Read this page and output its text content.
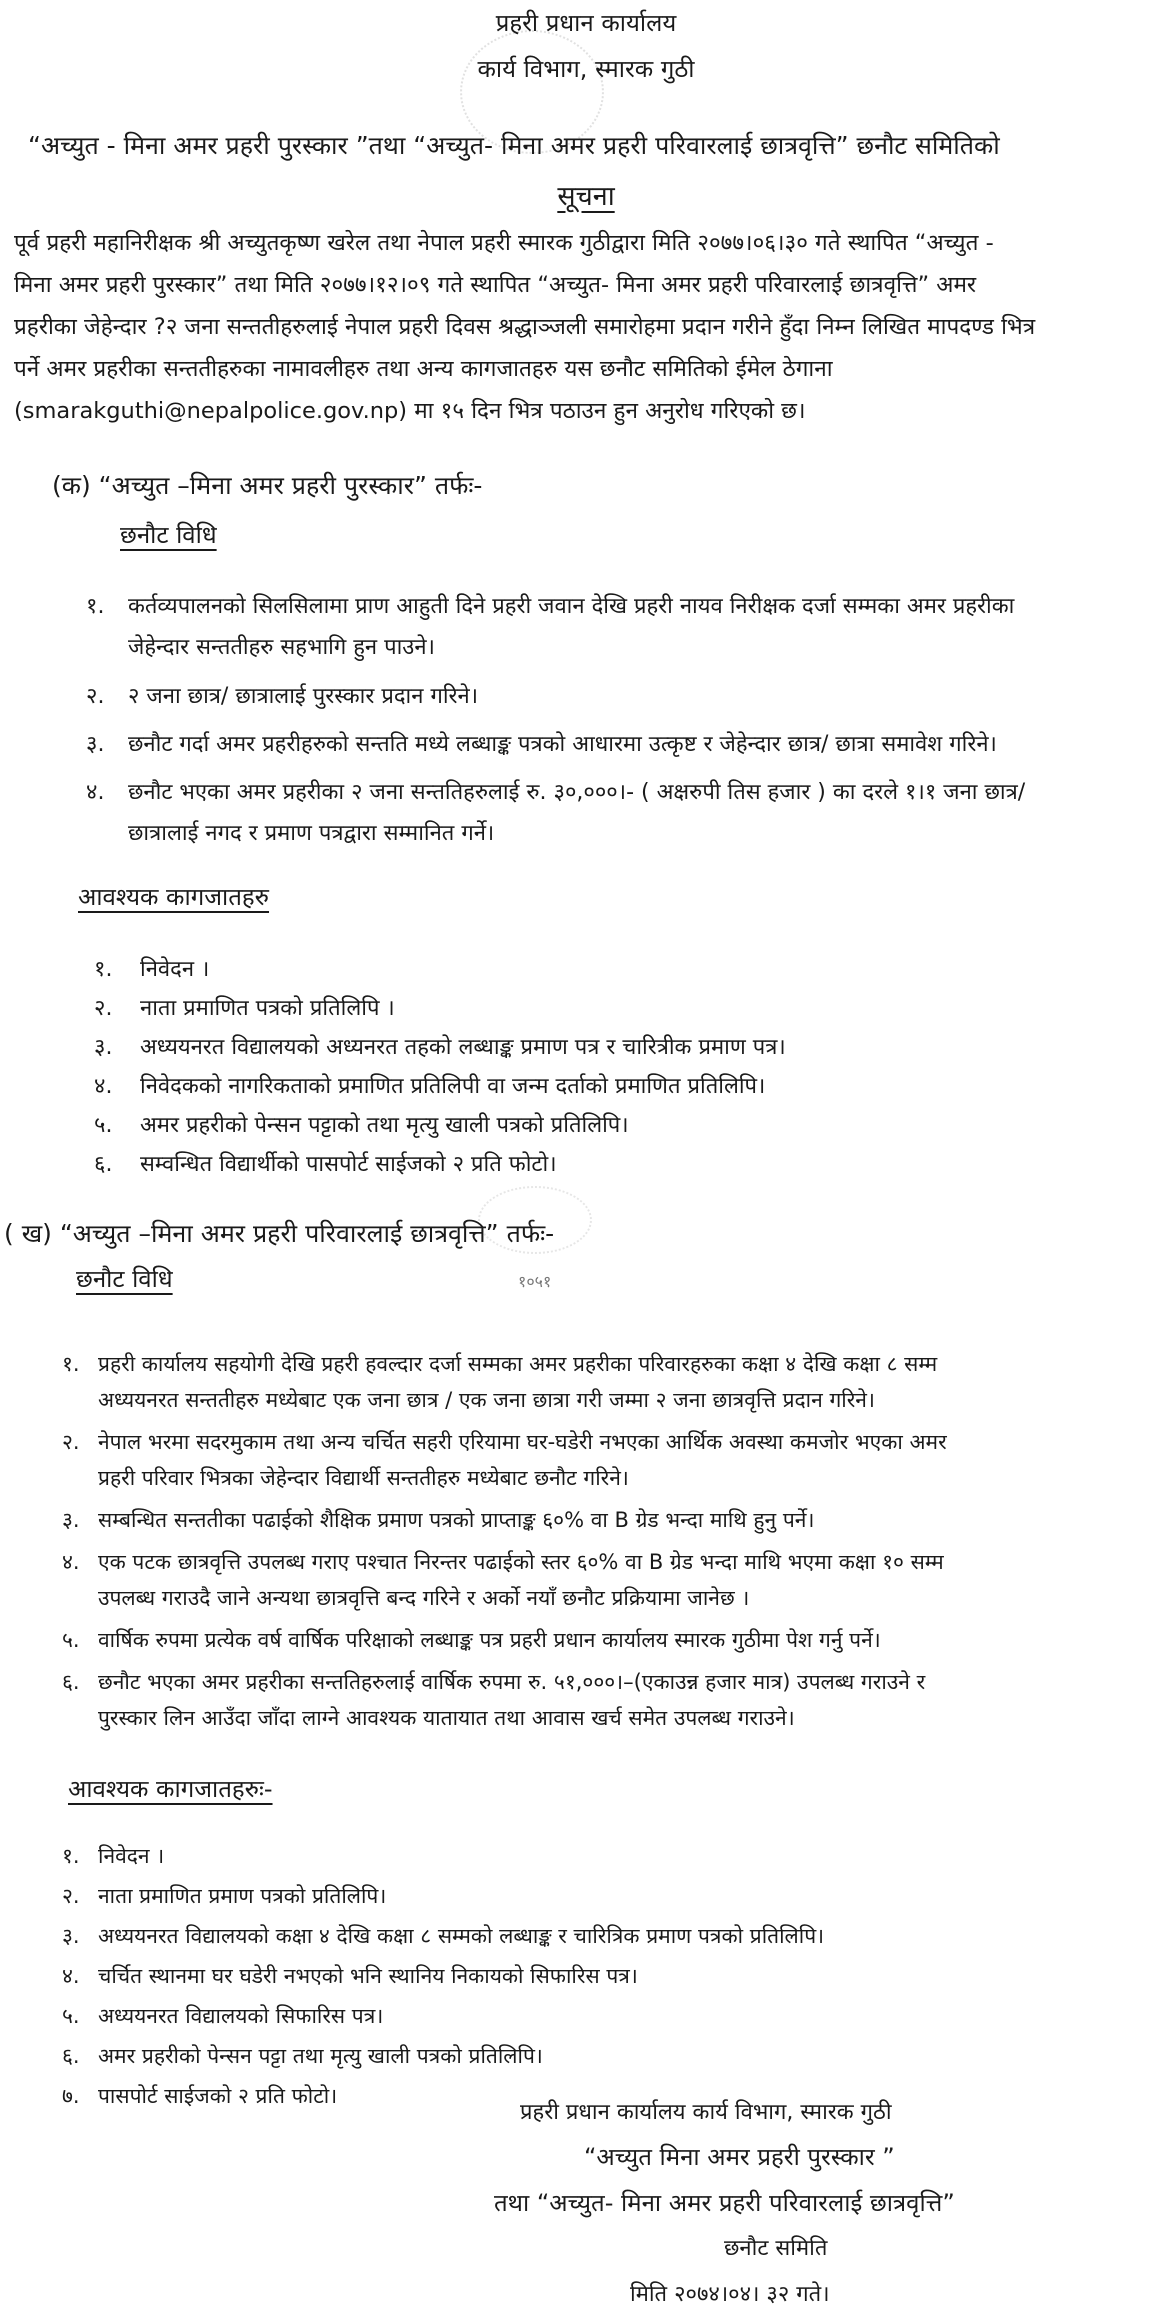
प्रहरी प्रधान कार्यालय
कार्य विभाग, स्मारक गुठी
“अच्युत - मिना अमर प्रहरी पुरस्कार ”तथा “अच्युत- मिना अमर प्रहरी परिवारलाई छात्रवृत्ति” छनौट समितिको
सूचना
पूर्व प्रहरी महानिरीक्षक श्री अच्युतकृष्ण खरेल तथा नेपाल प्रहरी स्मारक गुठीद्वारा मिति २०७७।०६।३० गते स्थापित “अच्युत -
मिना अमर प्रहरी पुरस्कार” तथा मिति २०७७।१२।०९ गते स्थापित “अच्युत- मिना अमर प्रहरी परिवारलाई छात्रवृत्ति” अमर
प्रहरीका जेहेन्दार ?२ जना सन्ततीहरुलाई नेपाल प्रहरी दिवस श्रद्धाञ्जली समारोहमा प्रदान गरीने हुँदा निम्न लिखित मापदण्ड भित्र
पर्ने अमर प्रहरीका सन्ततीहरुका नामावलीहरु तथा अन्य कागजातहरु यस छनौट समितिको ईमेल ठेगाना
(smarakguthi@nepalpolice.gov.np) मा १५ दिन भित्र पठाउन हुन अनुरोध गरिएको छ।
(क) “अच्युत –मिना अमर प्रहरी पुरस्कार” तर्फः-
छनौट विधि
१.	कर्तव्यपालनको सिलसिलामा प्राण आहुती दिने प्रहरी जवान देखि प्रहरी नायव निरीक्षक दर्जा सम्मका अमर प्रहरीका
जेहेन्दार सन्ततीहरु सहभागि हुन पाउने।
२.	२ जना छात्र/ छात्रालाई पुरस्कार प्रदान गरिने।
३.	छनौट गर्दा अमर प्रहरीहरुको सन्तति मध्ये लब्धाङ्क पत्रको आधारमा उत्कृष्ट र जेहेन्दार छात्र/ छात्रा समावेश गरिने।
४.	छनौट भएका अमर प्रहरीका २ जना सन्ततिहरुलाई रु. ३०,०००।- ( अक्षरुपी तिस हजार ) का दरले १।१ जना छात्र/
छात्रालाई नगद र प्रमाण पत्रद्वारा सम्मानित गर्ने।
आवश्यक कागजातहरु
१.	निवेदन ।
२.	नाता प्रमाणित पत्रको प्रतिलिपि ।
३.	अध्ययनरत विद्यालयको अध्यनरत तहको लब्धाङ्क प्रमाण पत्र र चारित्रीक प्रमाण पत्र।
४.	निवेदकको नागरिकताको प्रमाणित प्रतिलिपी वा जन्म दर्ताको प्रमाणित प्रतिलिपि।
५.	अमर प्रहरीको पेन्सन पट्टाको तथा मृत्यु खाली पत्रको प्रतिलिपि।
६.	सम्वन्धित विद्यार्थीको पासपोर्ट साईजको २ प्रति फोटो।
( ख) “अच्युत –मिना अमर प्रहरी परिवारलाई छात्रवृत्ति” तर्फः-
छनौट विधि	१०५१
१. प्रहरी कार्यालय सहयोगी देखि प्रहरी हवल्दार दर्जा सम्मका अमर प्रहरीका परिवारहरुका कक्षा ४ देखि कक्षा ८ सम्म
अध्ययनरत सन्ततीहरु मध्येबाट एक जना छात्र / एक जना छात्रा गरी जम्मा २ जना छात्रवृत्ति प्रदान गरिने।
२. नेपाल भरमा सदरमुकाम तथा अन्य चर्चित सहरी एरियामा घर-घडेरी नभएका आर्थिक अवस्था कमजोर भएका अमर
प्रहरी परिवार भित्रका जेहेन्दार विद्यार्थी सन्ततीहरु मध्येबाट छनौट गरिने।
३. सम्बन्धित सन्ततीका पढाईको शैक्षिक प्रमाण पत्रको प्राप्ताङ्क ६०% वा B ग्रेड भन्दा माथि हुनु पर्ने।
४. एक पटक छात्रवृत्ति उपलब्ध गराए पश्चात निरन्तर पढाईको स्तर ६०% वा B ग्रेड भन्दा माथि भएमा कक्षा १० सम्म
उपलब्ध गराउदै जाने अन्यथा छात्रवृत्ति बन्द गरिने र अर्को नयाँ छनौट प्रक्रियामा जानेछ ।
५. वार्षिक रुपमा प्रत्येक वर्ष वार्षिक परिक्षाको लब्धाङ्क पत्र प्रहरी प्रधान कार्यालय स्मारक गुठीमा पेश गर्नु पर्ने।
६. छनौट भएका अमर प्रहरीका सन्ततिहरुलाई वार्षिक रुपमा रु. ५१,०००।–(एकाउन्न हजार मात्र) उपलब्ध गराउने र
पुरस्कार लिन आउँदा जाँदा लाग्ने आवश्यक यातायात तथा आवास खर्च समेत उपलब्ध गराउने।
आवश्यक कागजातहरुः-
१. निवेदन ।
२. नाता प्रमाणित प्रमाण पत्रको प्रतिलिपि।
३. अध्ययनरत विद्यालयको कक्षा ४ देखि कक्षा ८ सम्मको लब्धाङ्क र चारित्रिक प्रमाण पत्रको प्रतिलिपि।
४. चर्चित स्थानमा घर घडेरी नभएको भनि स्थानिय निकायको सिफारिस पत्र।
५. अध्ययनरत विद्यालयको सिफारिस पत्र।
६. अमर प्रहरीको पेन्सन पट्टा तथा मृत्यु खाली पत्रको प्रतिलिपि।
७. पासपोर्ट साईजको २ प्रति फोटो।
प्रहरी प्रधान कार्यालय कार्य विभाग, स्मारक गुठी
“अच्युत मिना अमर प्रहरी पुरस्कार ”
तथा “अच्युत- मिना अमर प्रहरी परिवारलाई छात्रवृत्ति”
छनौट समिति
मिति २०७४।०४। ३२ गते।
